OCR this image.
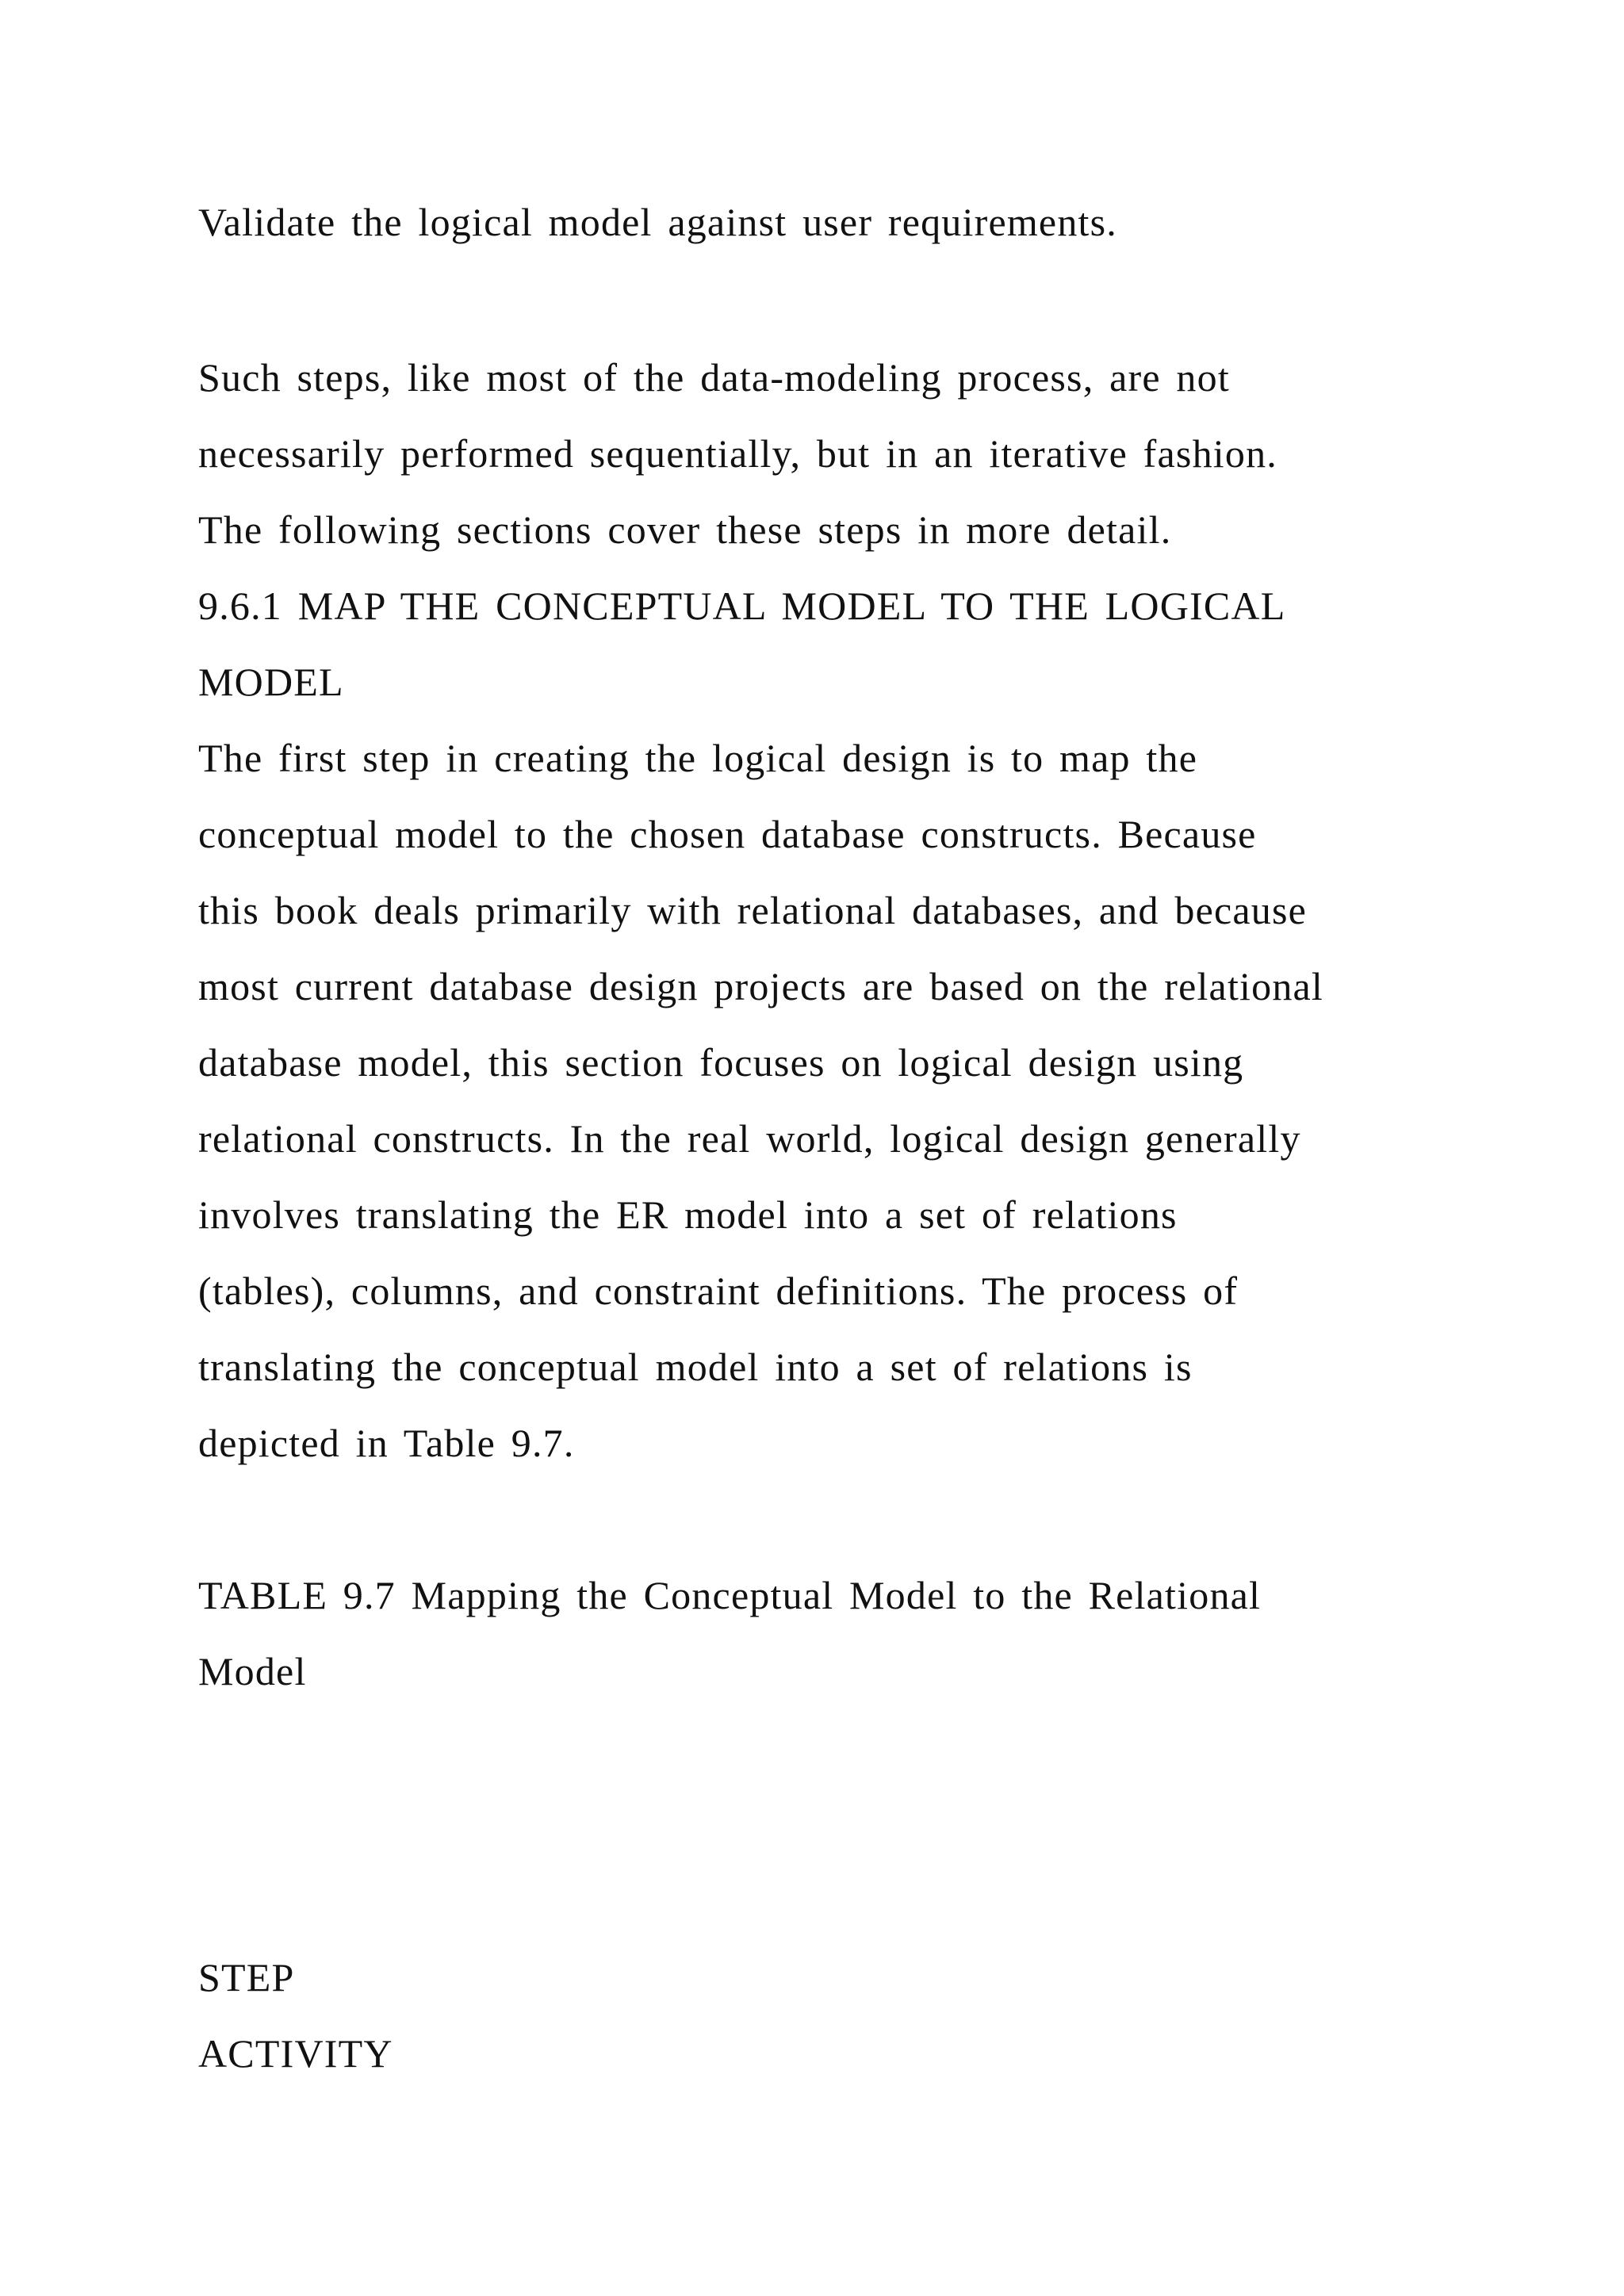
Validate the logical model against user requirements.

Such steps, like most of the data-modeling process, are not

necessarily performed sequentially, but in an iterative fashion.

The following sections cover these steps in more detail.

9.6.1 MAP THE CONCEPTUAL MODEL TO THE LOGICAL

MODEL

The first step in creating the logical design is to map the

conceptual model to the chosen database constructs. Because

this book deals primarily with relational databases, and because

most current database design projects are based on the relational

database model, this section focuses on logical design using

relational constructs. In the real world, logical design generally

involves translating the ER model into a set of relations

(tables), columns, and constraint definitions. The process of

translating the conceptual model into a set of relations is

depicted in Table 9.7.

TABLE 9.7 Mapping the Conceptual Model to the Relational

Model

STEP

ACTIVITY
